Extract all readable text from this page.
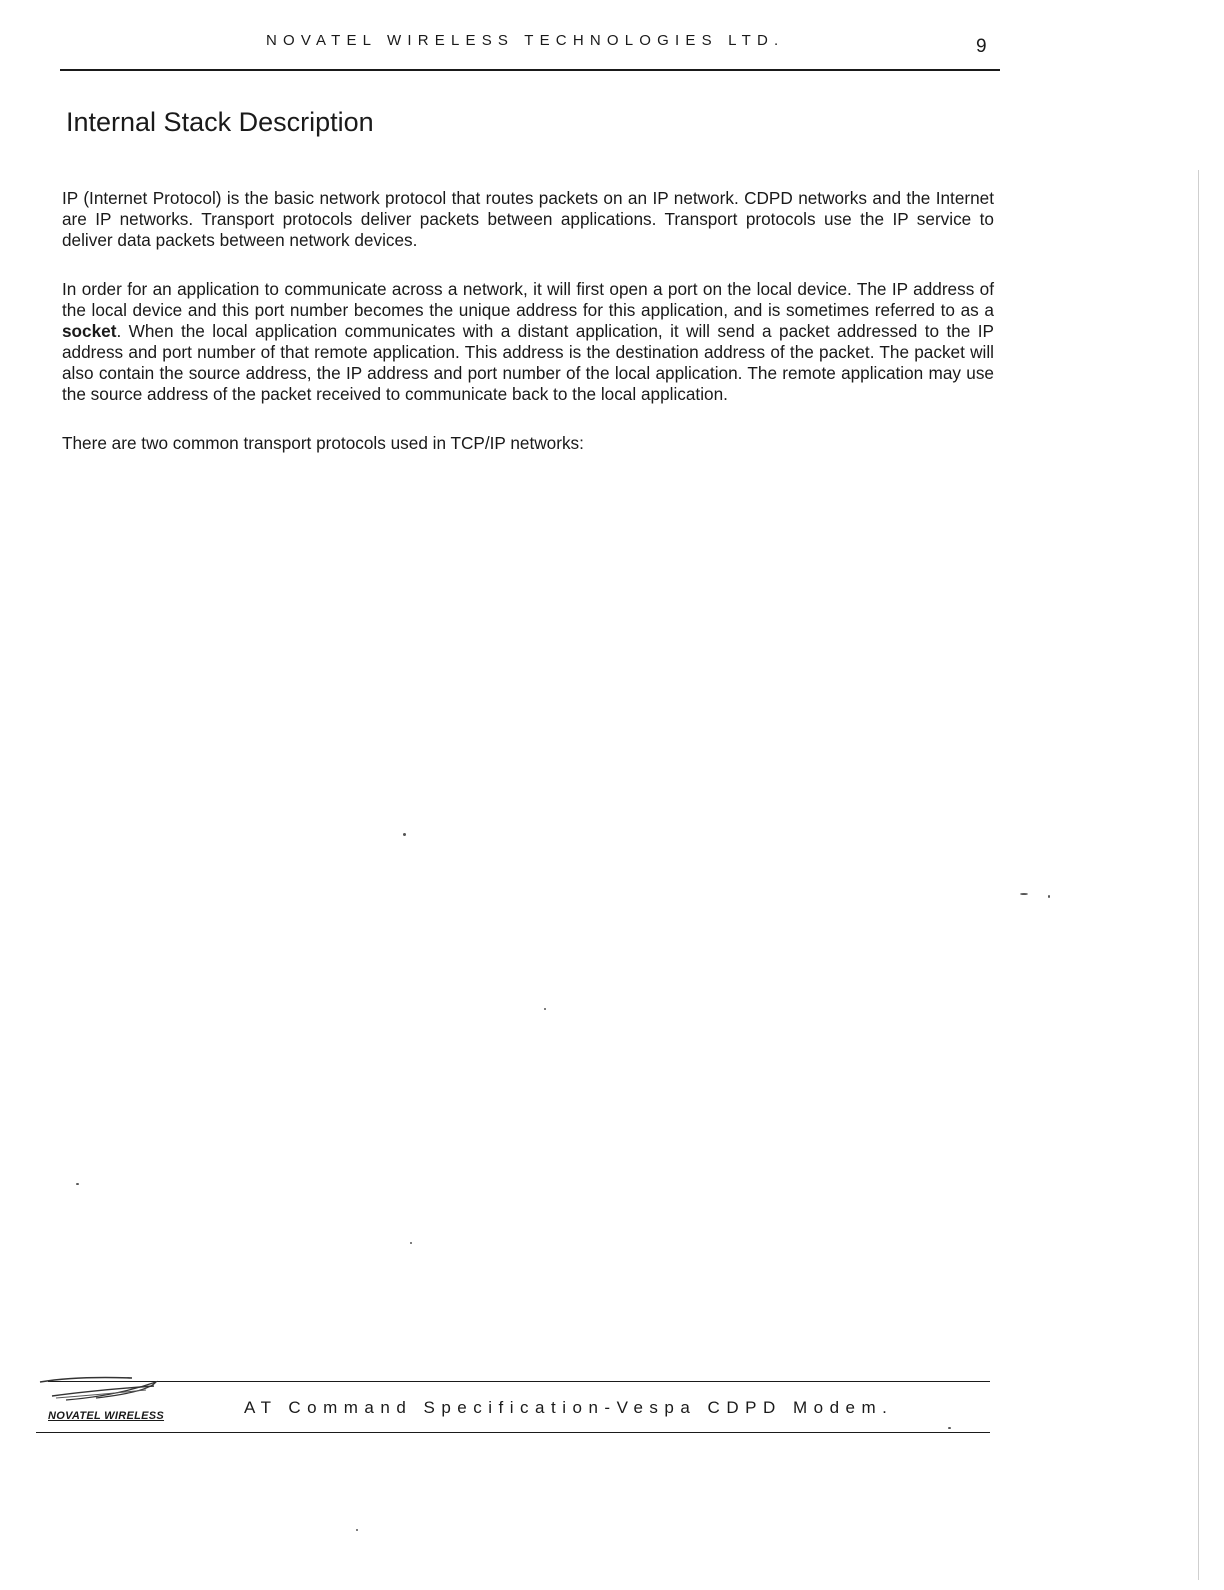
NOVATEL WIRELESS TECHNOLOGIES LTD.	9
Internal Stack Description

IP (Internet Protocol) is the basic network protocol that routes packets on an IP network. CDPD networks and the Internet are IP networks. Transport protocols deliver packets between applications. Transport protocols use the IP service to deliver data packets between network devices.

In order for an application to communicate across a network, it will first open a port on the local device. The IP address of the local device and this port number becomes the unique address for this application, and is sometimes referred to as a socket. When the local application communicates with a distant application, it will send a packet addressed to the IP address and port number of that remote application. This address is the destination address of the packet. The packet will also contain the source address, the IP address and port number of the local application. The remote application may use the source address of the packet received to communicate back to the local application.

There are two common transport protocols used in TCP/IP networks:

NOVATEL WIRELESS	AT Command Specification-Vespa CDPD Modem.
